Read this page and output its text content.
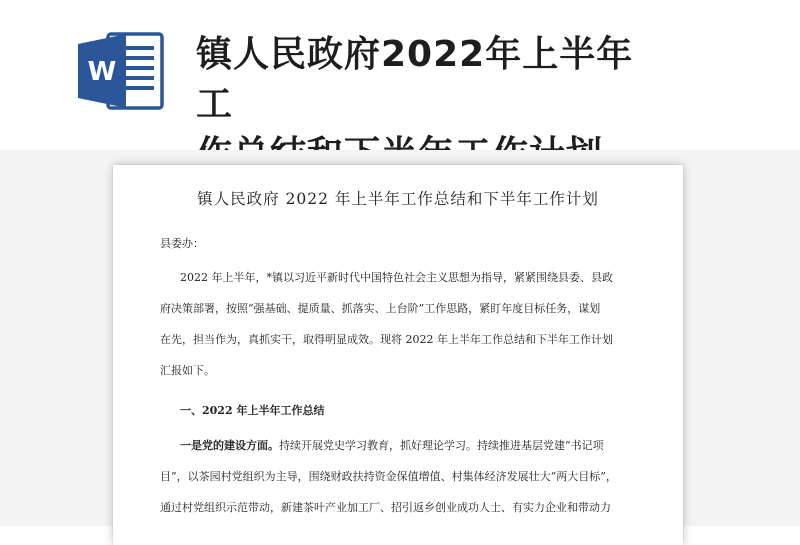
W 镇人民政府2022年上半年工
镇人民政府 2022 年上半年工作总结和下半年工作计划
县委办：
2022 年上半年，*镇以习近平新时代中国特色社会主义思想为指导，紧紧围绕县委、县政
府决策部署，按照“强基础、提质量、抓落实、上台阶”工作思路，紧盯年度目标任务，谋划
在先，担当作为，真抓实干，取得明显成效。现将 2022 年上半年工作总结和下半年工作计划
汇报如下。
一、2022 年上半年工作总结
一是党的建设方面。持续开展党史学习教育，抓好理论学习。持续推进基层党建“书记项
目”，以茶园村党组织为主导，围绕财政扶持资金保值增值、村集体经济发展壮大“两大目标”，
通过村党组织示范带动，新建茶叶产业加工厂、招引返乡创业成功人士、有实力企业和带动力
